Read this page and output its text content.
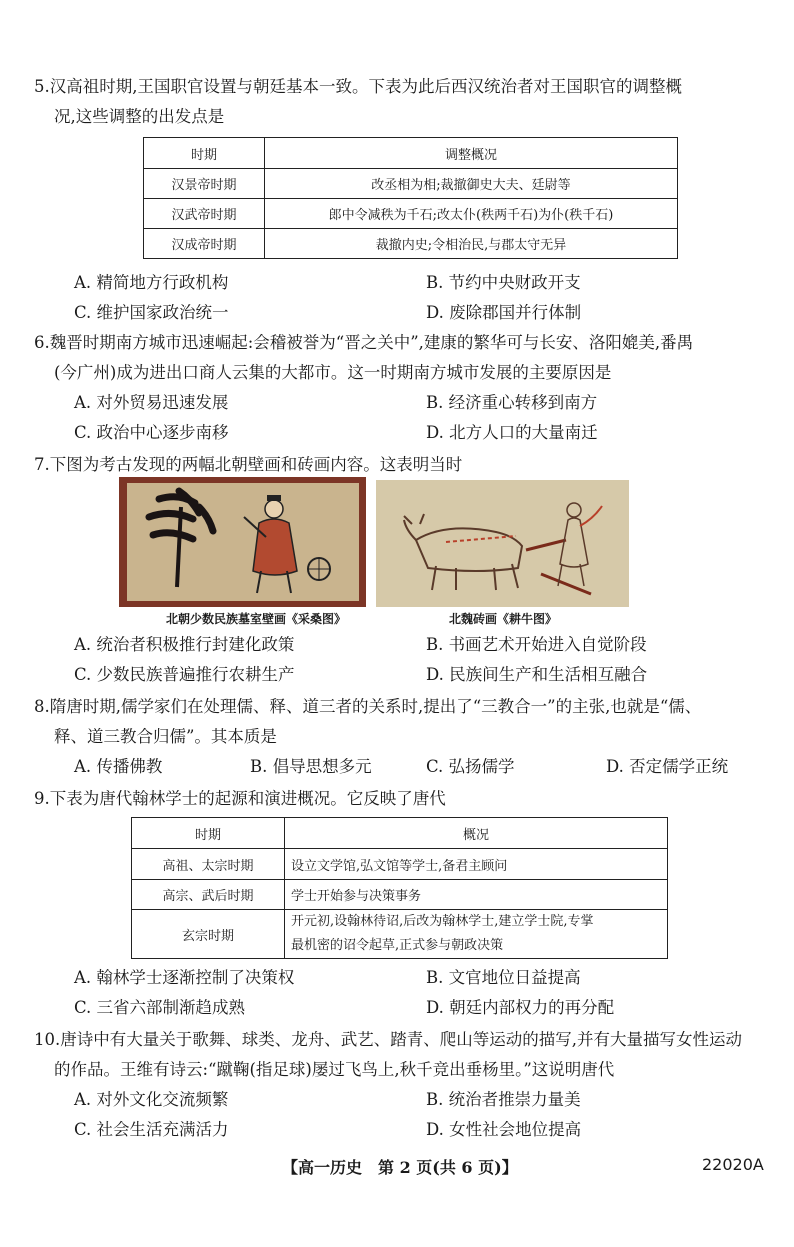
5.汉高祖时期,王国职官设置与朝廷基本一致。下表为此后西汉统治者对王国职官的调整概

况,这些调整的出发点是

时期	调整概况
汉景帝时期	改丞相为相;裁撤御史大夫、廷尉等
汉武帝时期	郎中令减秩为千石;改太仆(秩两千石)为仆(秩千石)
汉成帝时期	裁撤内史;令相治民,与郡太守无异
A. 精简地方行政机构	B. 节约中央财政开支
C. 维护国家政治统一	D. 废除郡国并行体制

6.魏晋时期南方城市迅速崛起:会稽被誉为“晋之关中”,建康的繁华可与长安、洛阳媲美,番禺

(今广州)成为进出口商人云集的大都市。这一时期南方城市发展的主要原因是

A. 对外贸易迅速发展	B. 经济重心转移到南方
C. 政治中心逐步南移	D. 北方人口的大量南迁

7.下图为考古发现的两幅北朝壁画和砖画内容。这表明当时

北朝少数民族墓室壁画《采桑图》	北魏砖画《耕牛图》
A. 统治者积极推行封建化政策	B. 书画艺术开始进入自觉阶段
C. 少数民族普遍推行农耕生产	D. 民族间生产和生活相互融合

8.隋唐时期,儒学家们在处理儒、释、道三者的关系时,提出了“三教合一”的主张,也就是“儒、

释、道三教合归儒”。其本质是

A. 传播佛教	B. 倡导思想多元	C. 弘扬儒学	D. 否定儒学正统

9.下表为唐代翰林学士的起源和演进概况。它反映了唐代

时期	概况
高祖、太宗时期	设立文学馆,弘文馆等学士,备君主顾问
高宗、武后时期	学士开始参与决策事务
玄宗时期	开元初,设翰林待诏,后改为翰林学士,建立学士院,专掌
最机密的诏令起草,正式参与朝政决策
A. 翰林学士逐渐控制了决策权	B. 文官地位日益提高
C. 三省六部制渐趋成熟	D. 朝廷内部权力的再分配

10.唐诗中有大量关于歌舞、球类、龙舟、武艺、踏青、爬山等运动的描写,并有大量描写女性运动

的作品。王维有诗云:“蹴鞠(指足球)屡过飞鸟上,秋千竞出垂杨里。”这说明唐代

A. 对外文化交流频繁	B. 统治者推崇力量美
C. 社会生活充满活力	D. 女性社会地位提高
【高一历史　第 2 页(共 6 页)】	22020A
